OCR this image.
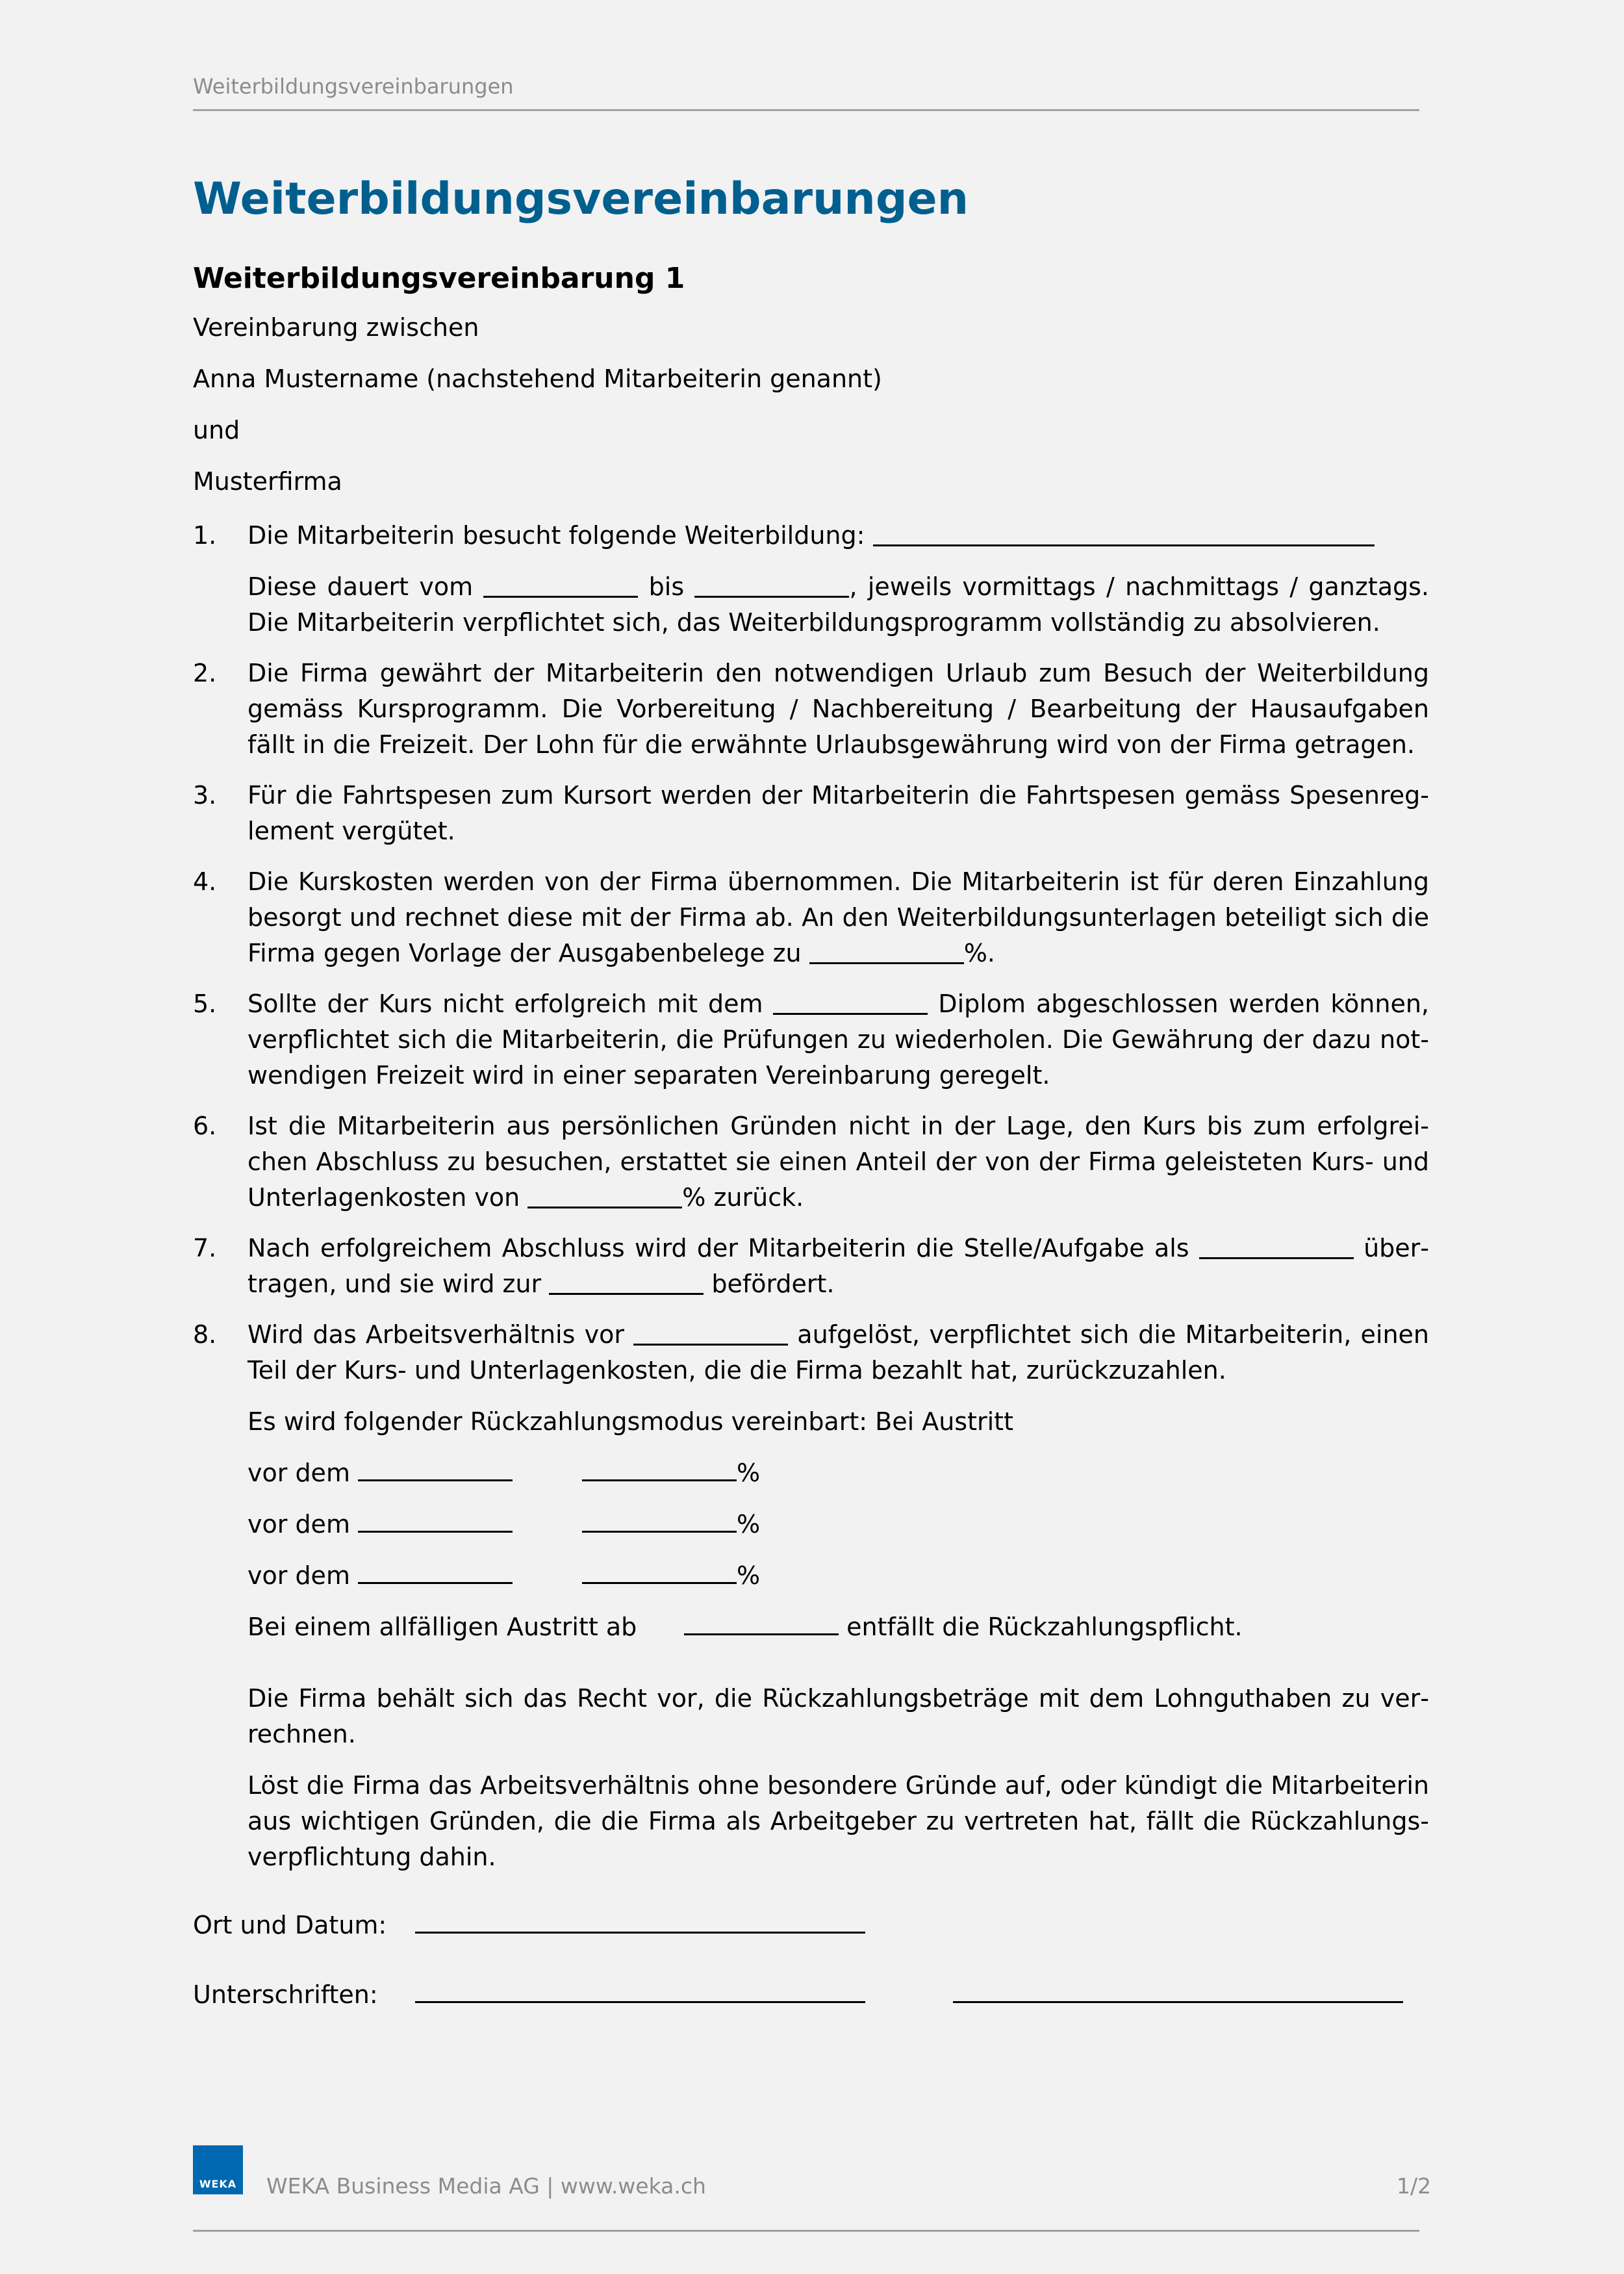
Weiterbildungsvereinbarungen
Weiterbildungsvereinbarungen
Weiterbildungsvereinbarung 1

Vereinbarung zwischen

Anna Mustername (nachstehend Mitarbeiterin genannt)

und

Musterfirma

1.	Die Mitarbeiterin besucht folgende Weiterbildung:

Diese dauert vom	bis	, jeweils vormittags / nachmittags / ganztags. Die Mitarbeiterin verpflichtet sich, das Weiterbildungsprogramm vollständig zu absolvieren.

2.	Die Firma gewährt der Mitarbeiterin den notwendigen Urlaub zum Besuch der Weiterbildung gemäss Kursprogramm. Die Vorbereitung / Nachbereitung / Bearbeitung der Hausaufgaben fällt in die Freizeit. Der Lohn für die erwähnte Urlaubsgewährung wird von der Firma getragen.

3.	Für die Fahrtspesen zum Kursort werden der Mitarbeiterin die Fahrtspesen gemäss Spesenreglement vergütet.

4.	Die Kurskosten werden von der Firma übernommen. Die Mitarbeiterin ist für deren Einzahlung besorgt und rechnet diese mit der Firma ab. An den Weiterbildungsunterlagen beteiligt sich die Firma gegen Vorlage der Ausgabenbelege zu	%.

5.	Sollte der Kurs nicht erfolgreich mit dem	Diplom abgeschlossen werden können, verpflichtet sich die Mitarbeiterin, die Prüfungen zu wiederholen. Die Gewährung der dazu notwendigen Freizeit wird in einer separaten Vereinbarung geregelt.

6.	Ist die Mitarbeiterin aus persönlichen Gründen nicht in der Lage, den Kurs bis zum erfolgreichen Abschluss zu besuchen, erstattet sie einen Anteil der von der Firma geleisteten Kurs- und Unterlagenkosten von	% zurück.

7.	Nach erfolgreichem Abschluss wird der Mitarbeiterin die Stelle/Aufgabe als	übertragen, und sie wird zur	befördert.

8.	Wird das Arbeitsverhältnis vor	aufgelöst, verpflichtet sich die Mitarbeiterin, einen Teil der Kurs- und Unterlagenkosten, die die Firma bezahlt hat, zurückzuzahlen.

Es wird folgender Rückzahlungsmodus vereinbart: Bei Austritt

vor dem	%
vor dem	%
vor dem	%
Bei einem allfälligen Austritt ab	entfällt die Rückzahlungspflicht.

Die Firma behält sich das Recht vor, die Rückzahlungsbeträge mit dem Lohnguthaben zu verrechnen.

Löst die Firma das Arbeitsverhältnis ohne besondere Gründe auf, oder kündigt die Mitarbeiterin aus wichtigen Gründen, die die Firma als Arbeitgeber zu vertreten hat, fällt die Rückzahlungsverpflichtung dahin.

Ort und Datum:
Unterschriften:
WEKA WEKA Business Media AG | www.weka.ch	1/2
